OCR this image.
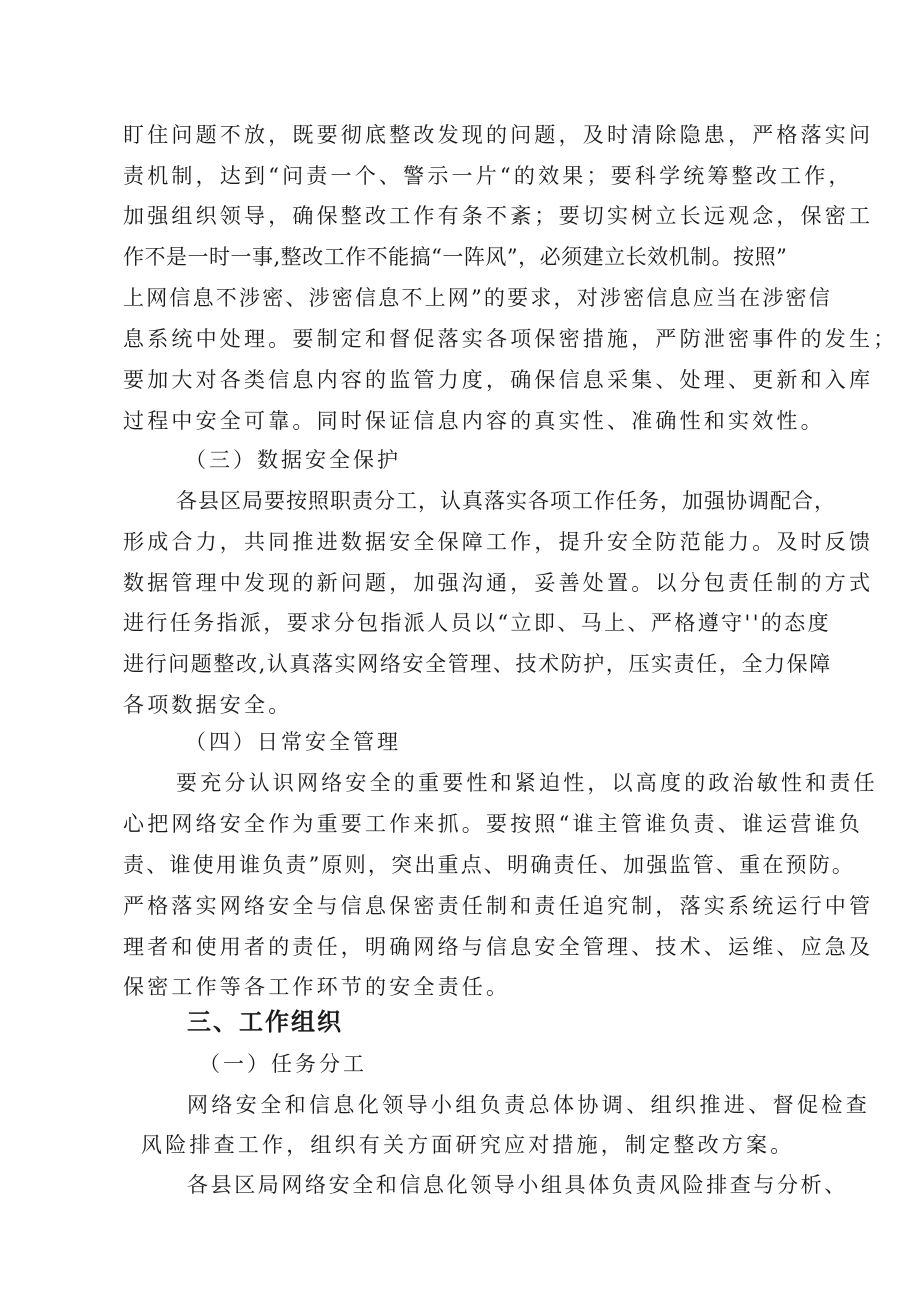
盯住问题不放，既要彻底整改发现的问题，及时清除隐患，严格落实问
责机制，达到“问责一个、警示一片“的效果；要科学统筹整改工作，
加强组织领导，确保整改工作有条不紊；要切实树立长远观念，保密工
作不是一时一事,整改工作不能搞“一阵风”，必须建立长效机制。按照”
上网信息不涉密、涉密信息不上网”的要求，对涉密信息应当在涉密信
息系统中处理。要制定和督促落实各项保密措施，严防泄密事件的发生；
要加大对各类信息内容的监管力度，确保信息采集、处理、更新和入库
过程中安全可靠。同时保证信息内容的真实性、准确性和实效性。
（三）数据安全保护
各县区局要按照职责分工，认真落实各项工作任务，加强协调配合，
形成合力，共同推进数据安全保障工作，提升安全防范能力。及时反馈
数据管理中发现的新问题，加强沟通，妥善处置。以分包责任制的方式
进行任务指派，要求分包指派人员以“立即、马上、严格遵守''的态度
进行问题整改,认真落实网络安全管理、技术防护，压实责任，全力保障
各项数据安全。
（四）日常安全管理
要充分认识网络安全的重要性和紧迫性，以高度的政治敏性和责任
心把网络安全作为重要工作来抓。要按照“谁主管谁负责、谁运营谁负
责、谁使用谁负责”原则，突出重点、明确责任、加强监管、重在预防。
严格落实网络安全与信息保密责任制和责任追究制，落实系统运行中管
理者和使用者的责任，明确网络与信息安全管理、技术、运维、应急及
保密工作等各工作环节的安全责任。
三、工作组织
（一）任务分工
网络安全和信息化领导小组负责总体协调、组织推进、督促检查
风险排查工作，组织有关方面研究应对措施，制定整改方案。
各县区局网络安全和信息化领导小组具体负责风险排查与分析、
